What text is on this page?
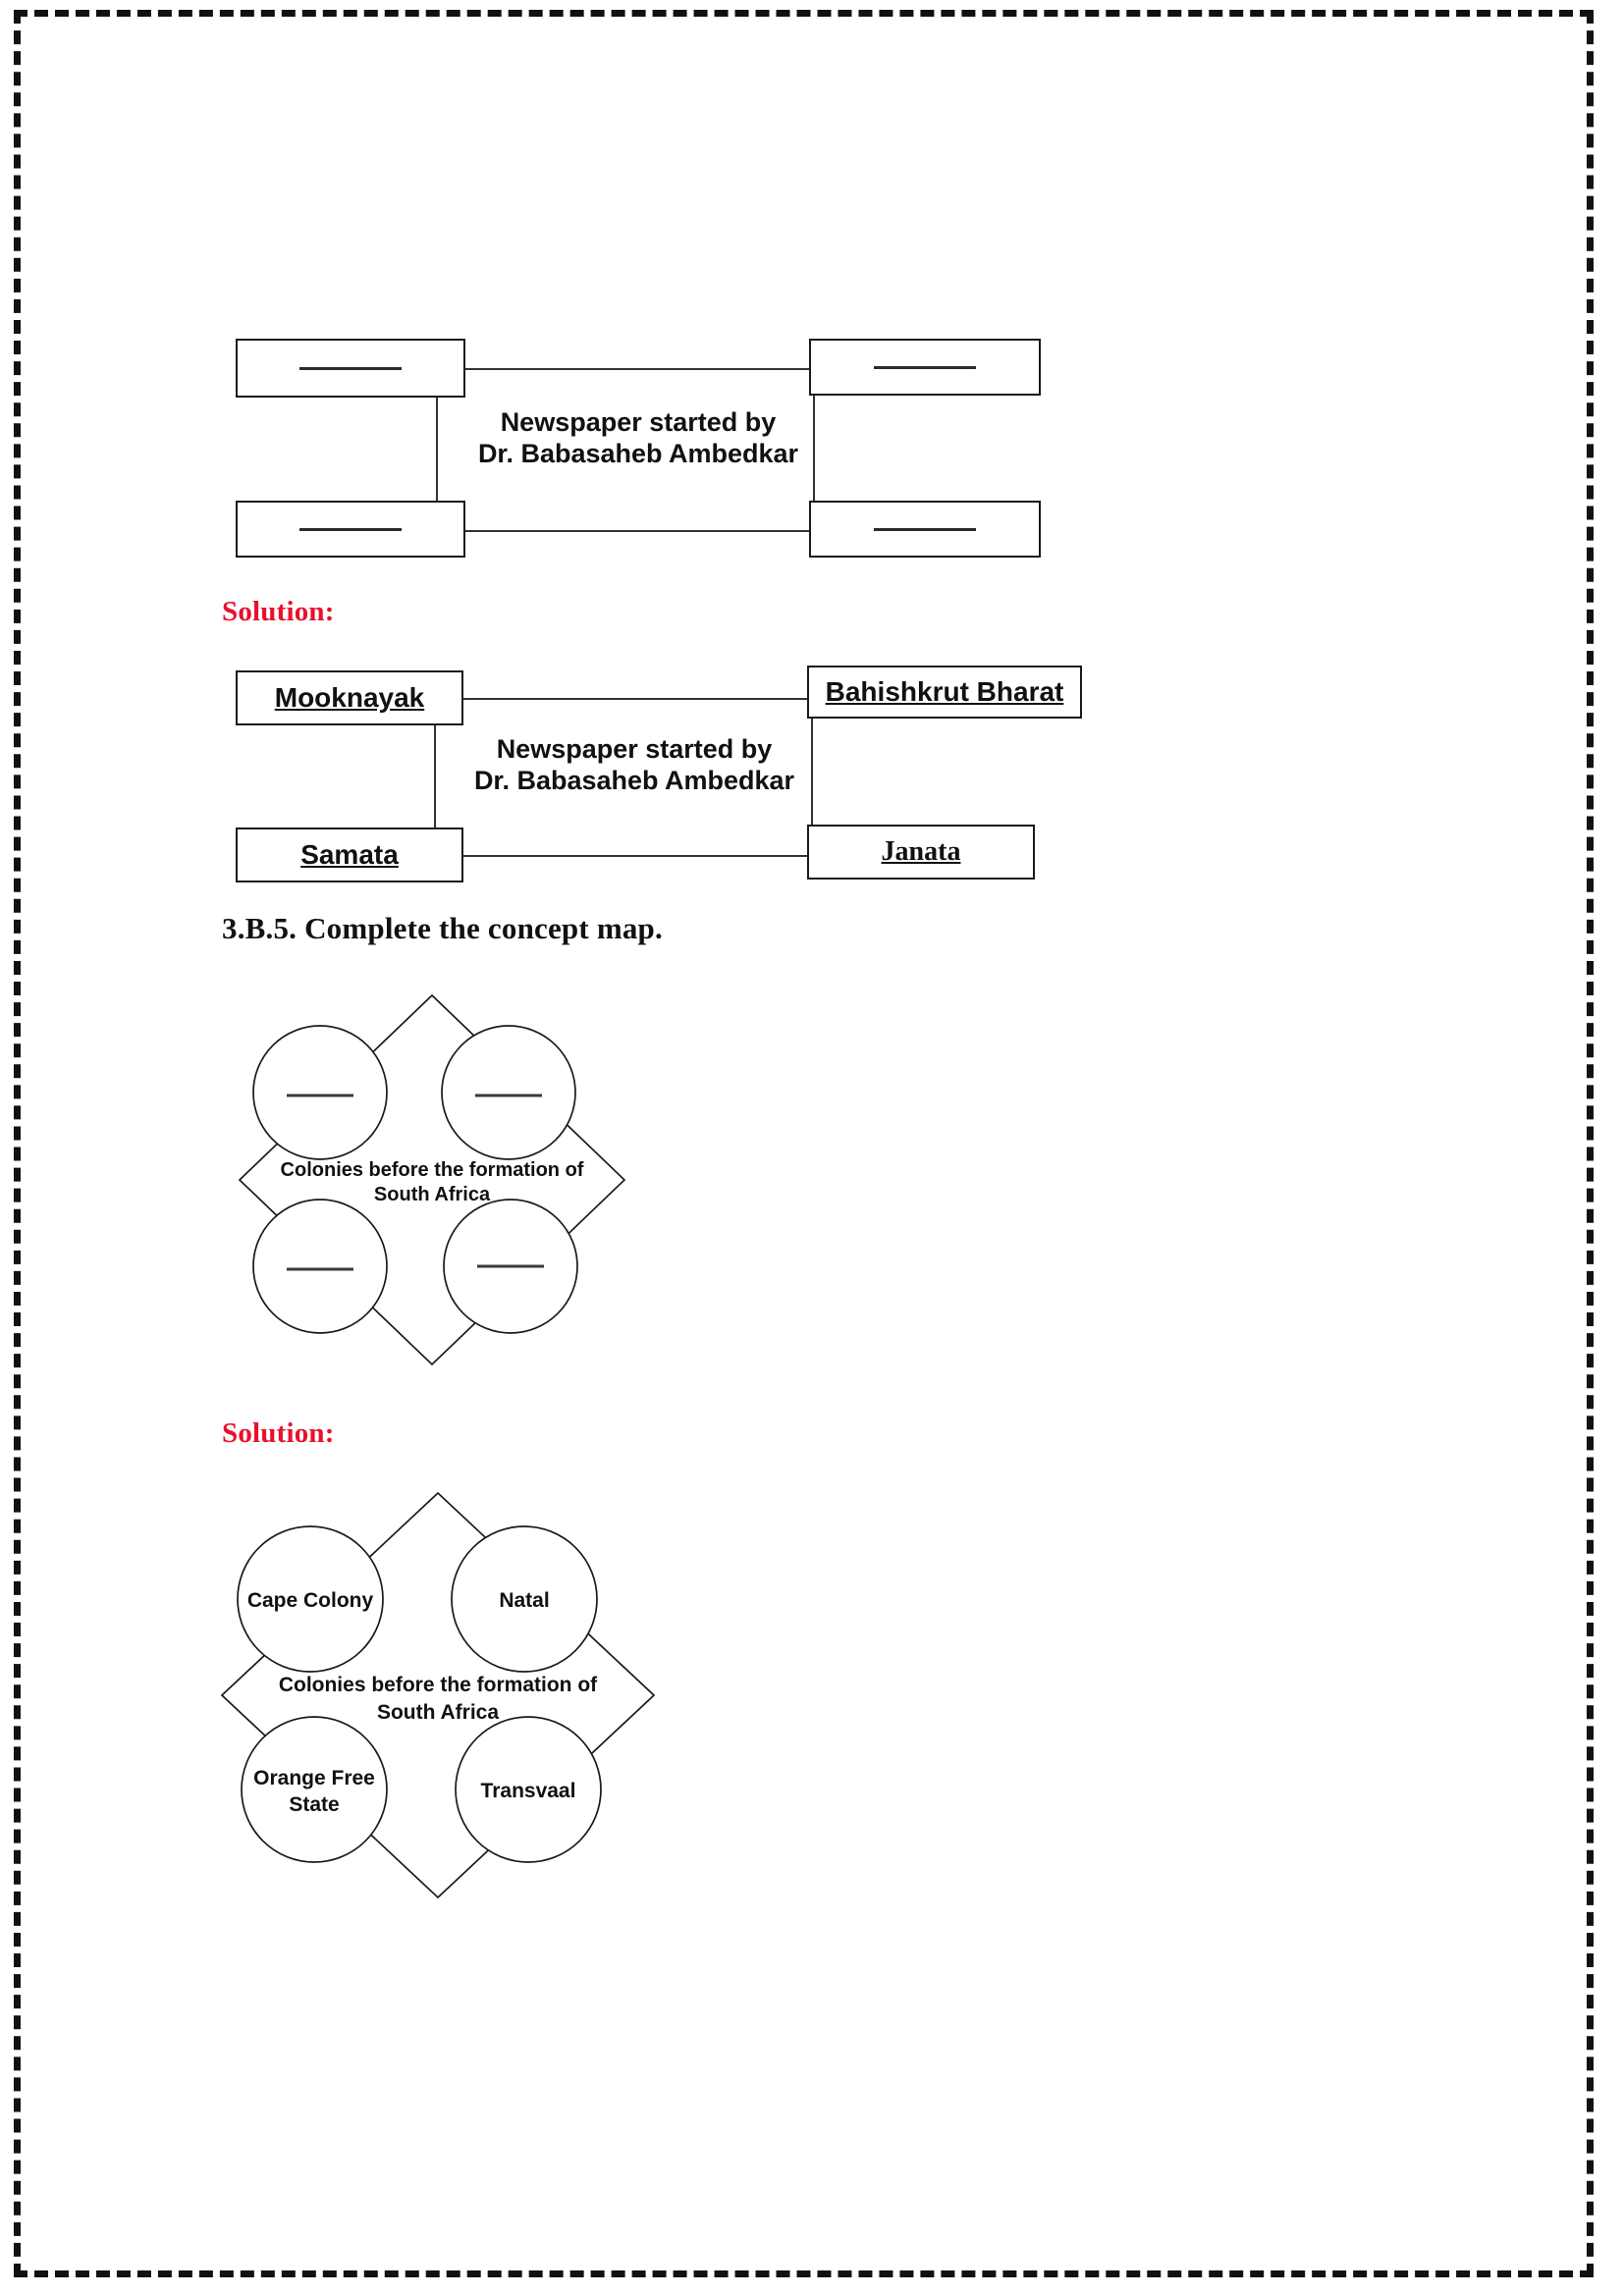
Newspaper started by
Dr. Babasaheb Ambedkar
Solution:
Mooknayak	Bahishkrut Bharat
Samata	Janata
Newspaper started by
Dr. Babasaheb Ambedkar
3.B.5. Complete the concept map.
Colonies before the formation of
South Africa
Solution:
Cape Colony	Natal
Orange Free
State
Transvaal
Colonies before the formation of
South Africa
